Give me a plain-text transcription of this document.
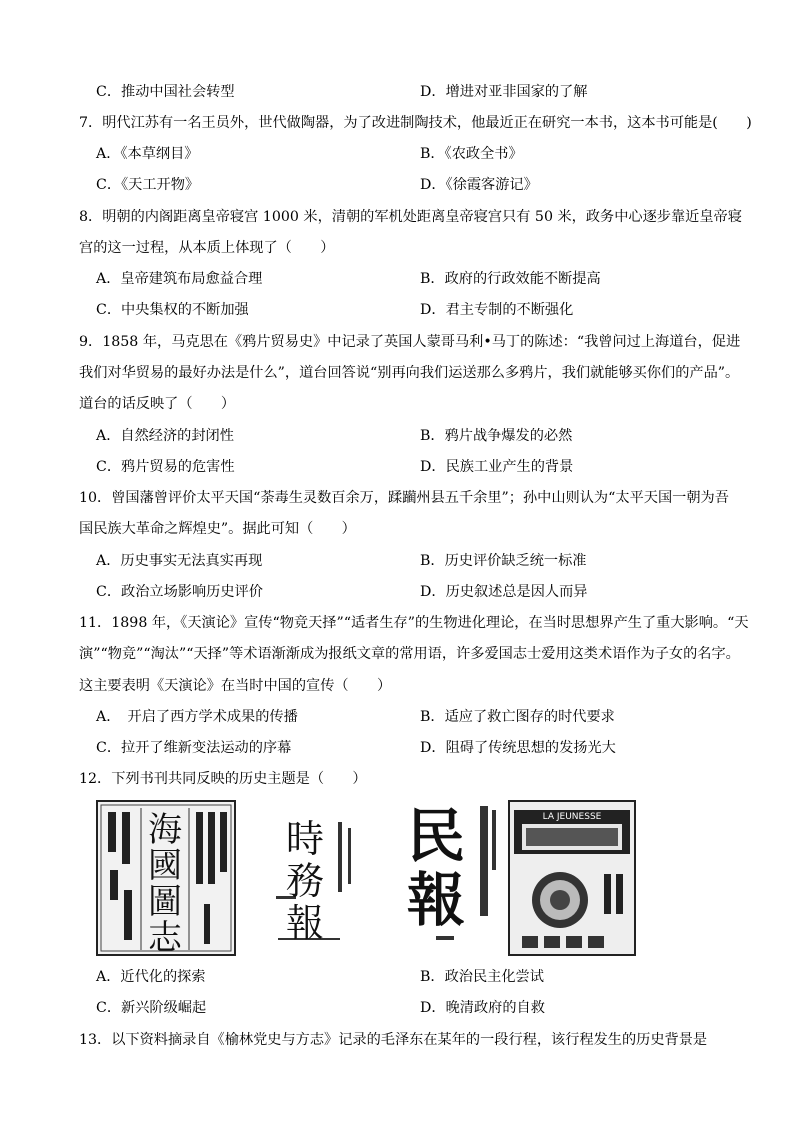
C．推动中国社会转型	D．增进对亚非国家的了解
7．明代江苏有一名王员外，世代做陶器，为了改进制陶技术，他最近正在研究一本书，这本书可能是(　　)
A．《本草纲目》	B．《农政全书》
C．《天工开物》	D．《徐霞客游记》
8．明朝的内阁距离皇帝寝宫 1000 米，清朝的军机处距离皇帝寝宫只有 50 米，政务中心逐步靠近皇帝寝
宫的这一过程，从本质上体现了（　　）
A．皇帝建筑布局愈益合理	B．政府的行政效能不断提高
C．中央集权的不断加强	D．君主专制的不断强化
9．1858 年，马克思在《鸦片贸易史》中记录了英国人蒙哥马利•马丁的陈述：“我曾问过上海道台，促进
我们对华贸易的最好办法是什么”，道台回答说“别再向我们运送那么多鸦片，我们就能够买你们的产品”。
道台的话反映了（　　）
A．自然经济的封闭性	B．鸦片战争爆发的必然
C．鸦片贸易的危害性	D．民族工业产生的背景
10．曾国藩曾评价太平天国“荼毒生灵数百余万，蹂躏州县五千余里”；孙中山则认为“太平天国一朝为吾
国民族大革命之辉煌史”。据此可知（　　）
A．历史事实无法真实再现	B．历史评价缺乏统一标准
C．政治立场影响历史评价	D．历史叙述总是因人而异
11．1898 年，《天演论》宣传“物竞天择”“适者生存”的生物进化理论，在当时思想界产生了重大影响。“天
演”“物竞”“淘汰”“天择”等术语渐渐成为报纸文章的常用语，许多爱国志士爱用这类术语作为子女的名字。
这主要表明《天演论》在当时中国的宣传（　　）
A．　开启了西方学术成果的传播	B．适应了救亡图存的时代要求
C．拉开了维新变法运动的序幕	D．阻碍了传统思想的发扬光大
12．下列书刊共同反映的历史主题是（　　）
海國圖志
時務報
民報
LA JEUNESSE
A．近代化的探索	B．政治民主化尝试
C．新兴阶级崛起	D．晚清政府的自救
13．以下资料摘录自《榆林党史与方志》记录的毛泽东在某年的一段行程，该行程发生的历史背景是
